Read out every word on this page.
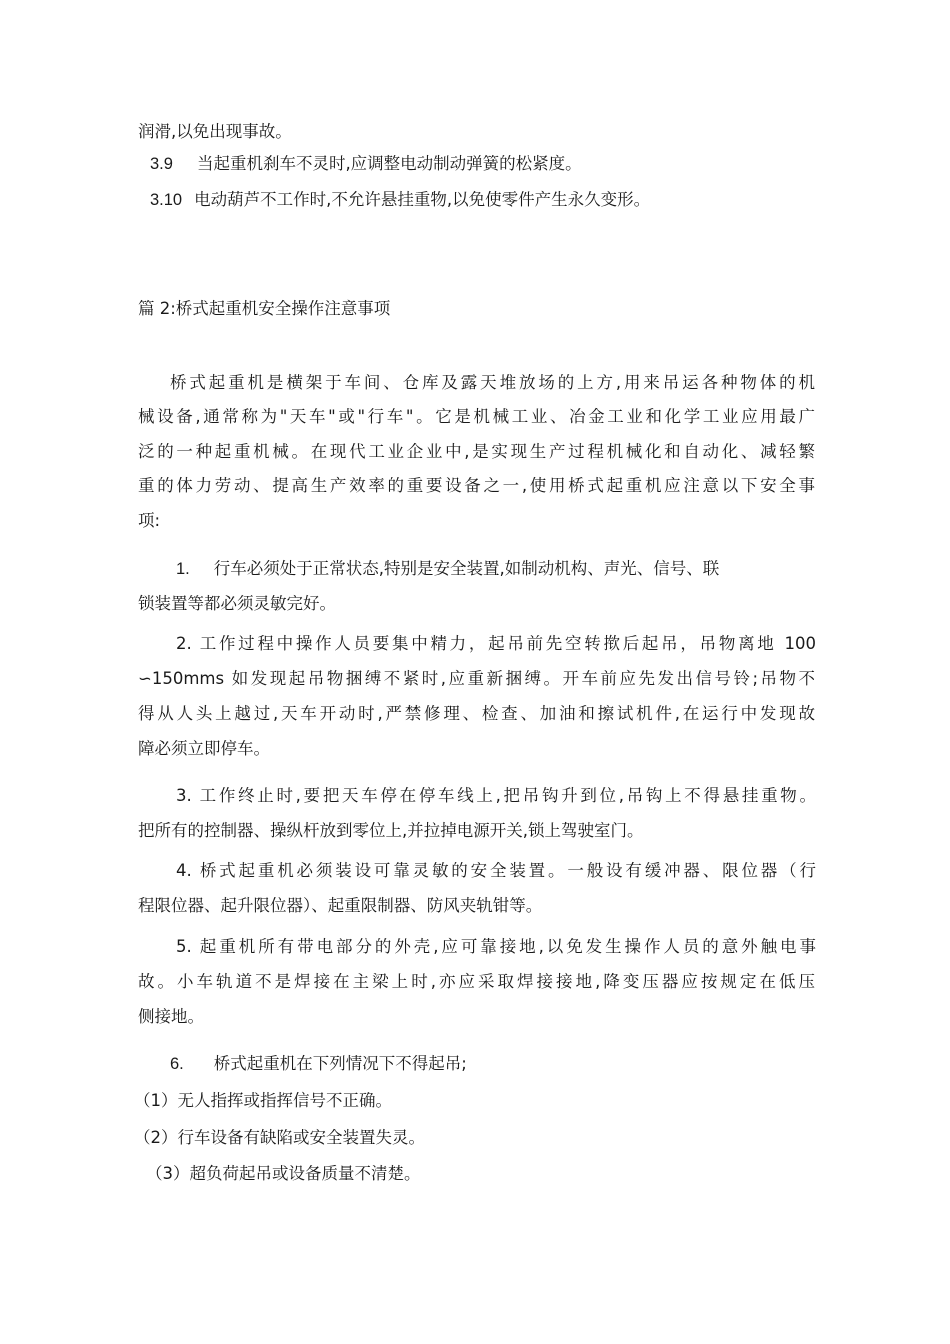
润滑,以免出现事故。
3.9 当起重机刹车不灵时,应调整电动制动弹簧的松紧度。
3.10 电动葫芦不工作时,不允许悬挂重物,以免使零件产生永久变形。
篇 2:桥式起重机安全操作注意事项
桥式起重机是横架于车间、仓库及露天堆放场的上方,用来吊运各种物体的机
械设备,通常称为"天车"或"行车"。它是机械工业、冶金工业和化学工业应用最广
泛的一种起重机械。在现代工业企业中,是实现生产过程机械化和自动化、减轻繁
重的体力劳动、提高生产效率的重要设备之一,使用桥式起重机应注意以下安全事
项:
1. 行车必须处于正常状态,特别是安全装置,如制动机构、声光、信号、联
锁装置等都必须灵敏完好。
2. 工作过程中操作人员要集中精力，起吊前先空转揿后起吊，吊物离地 100
∽150mms 如发现起吊物捆缚不紧时,应重新捆缚。开车前应先发出信号铃;吊物不
得从人头上越过,天车开动时,严禁修理、检查、加油和擦试机件,在运行中发现故
障必须立即停车。
3. 工作终止时,要把天车停在停车线上,把吊钩升到位,吊钩上不得悬挂重物。
把所有的控制器、操纵杆放到零位上,并拉掉电源开关,锁上驾驶室门。
4. 桥式起重机必须装设可靠灵敏的安全装置。一般设有缓冲器、限位器（行
程限位器、起升限位器）、起重限制器、防风夹轨钳等。
5. 起重机所有带电部分的外壳,应可靠接地,以免发生操作人员的意外触电事
故。小车轨道不是焊接在主梁上时,亦应采取焊接接地,降变压器应按规定在低压
侧接地。
6. 桥式起重机在下列情况下不得起吊;
（1）无人指挥或指挥信号不正确。
（2）行车设备有缺陷或安全装置失灵。
（3）超负荷起吊或设备质量不清楚。
